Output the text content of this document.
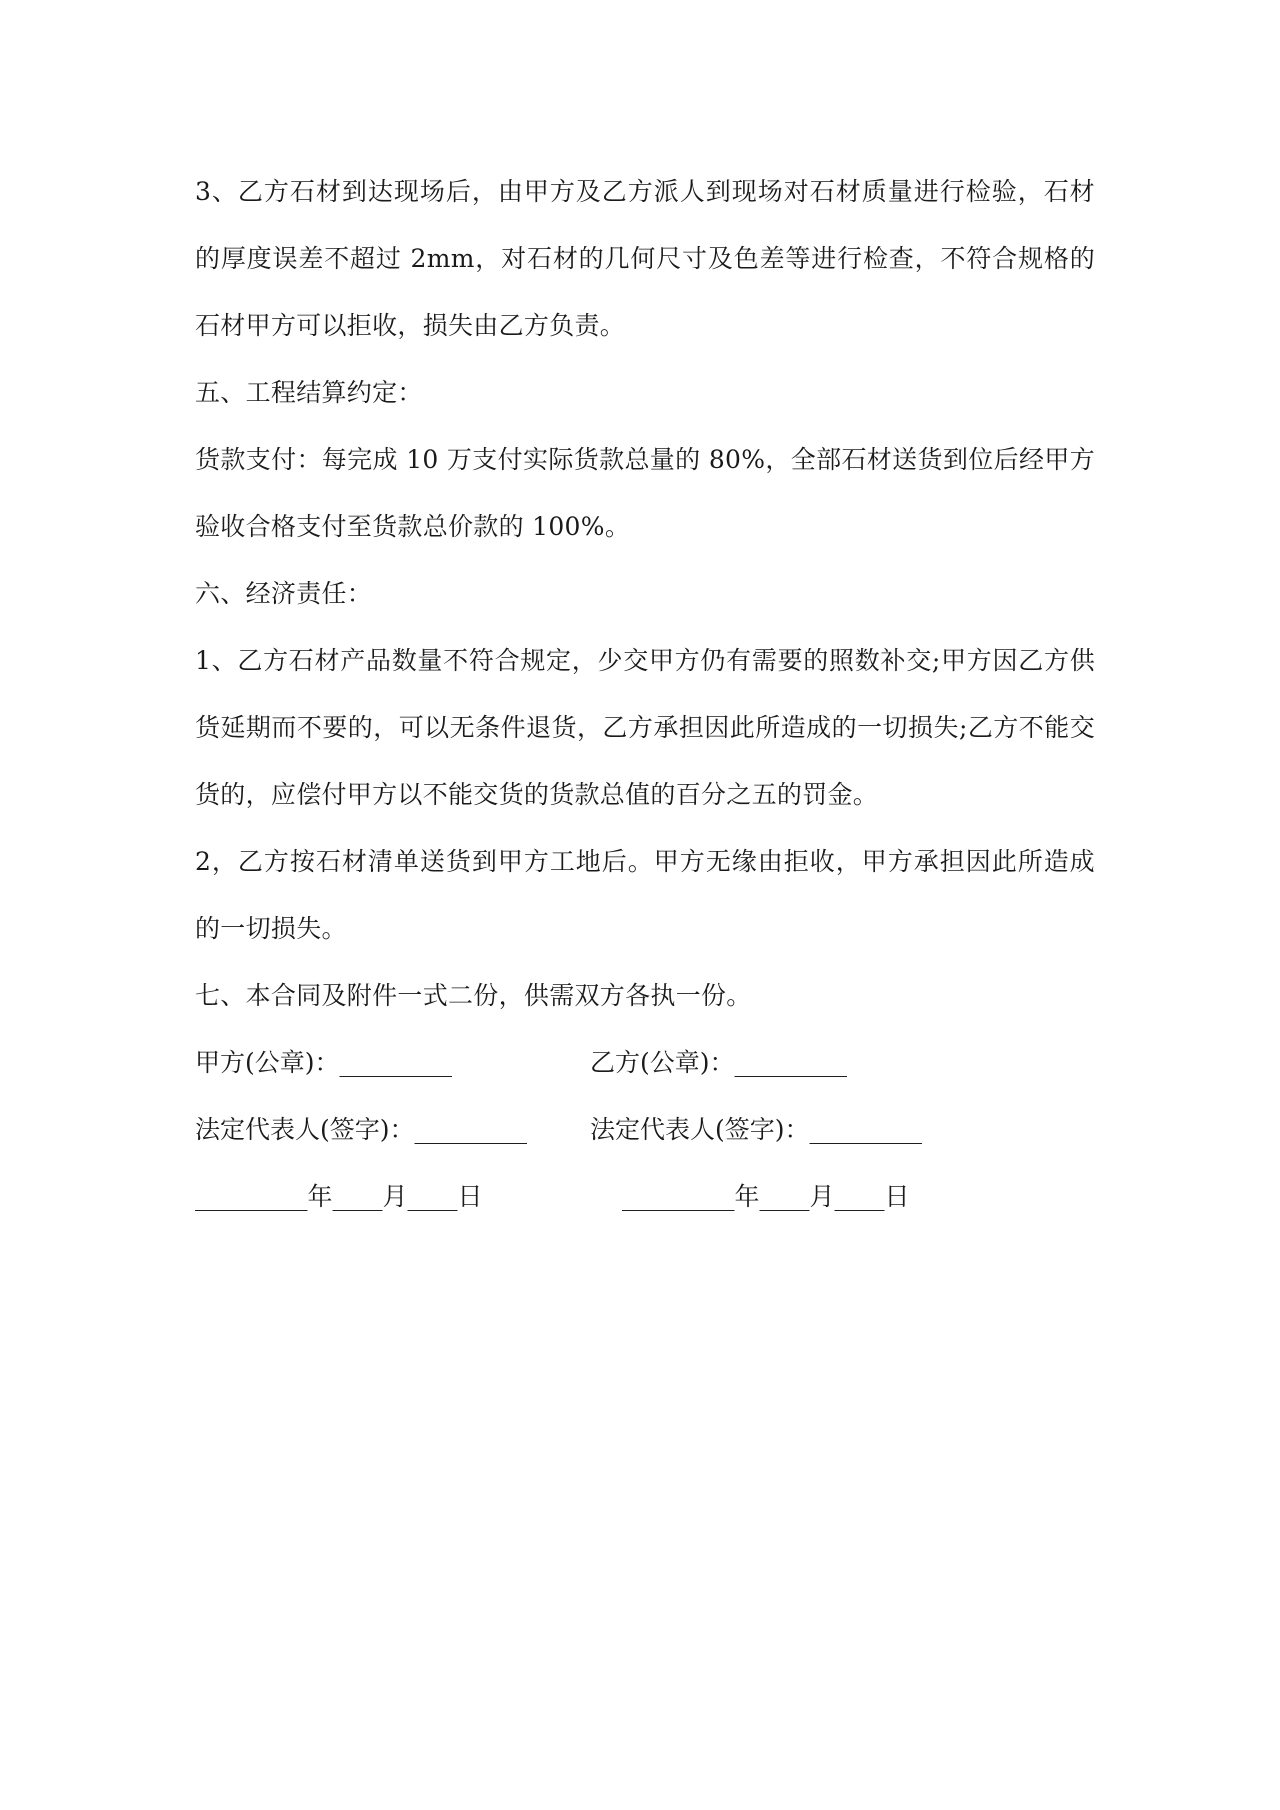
3、乙方石材到达现场后，由甲方及乙方派人到现场对石材质量进行检验，石材的厚度误差不超过 2mm，对石材的几何尺寸及色差等进行检查，不符合规格的石材甲方可以拒收，损失由乙方负责。

五、工程结算约定：

货款支付：每完成 10 万支付实际货款总量的 80%，全部石材送货到位后经甲方验收合格支付至货款总价款的 100%。

六、经济责任：

1、乙方石材产品数量不符合规定，少交甲方仍有需要的照数补交;甲方因乙方供货延期而不要的，可以无条件退货，乙方承担因此所造成的一切损失;乙方不能交货的，应偿付甲方以不能交货的货款总值的百分之五的罚金。

2，乙方按石材清单送货到甲方工地后。甲方无缘由拒收，甲方承担因此所造成的一切损失。

七、本合同及附件一式二份，供需双方各执一份。

甲方(公章)：_________	乙方(公章)：_________
法定代表人(签字)：_________	法定代表人(签字)：_________
_________年____月____日	_________年____月____日
